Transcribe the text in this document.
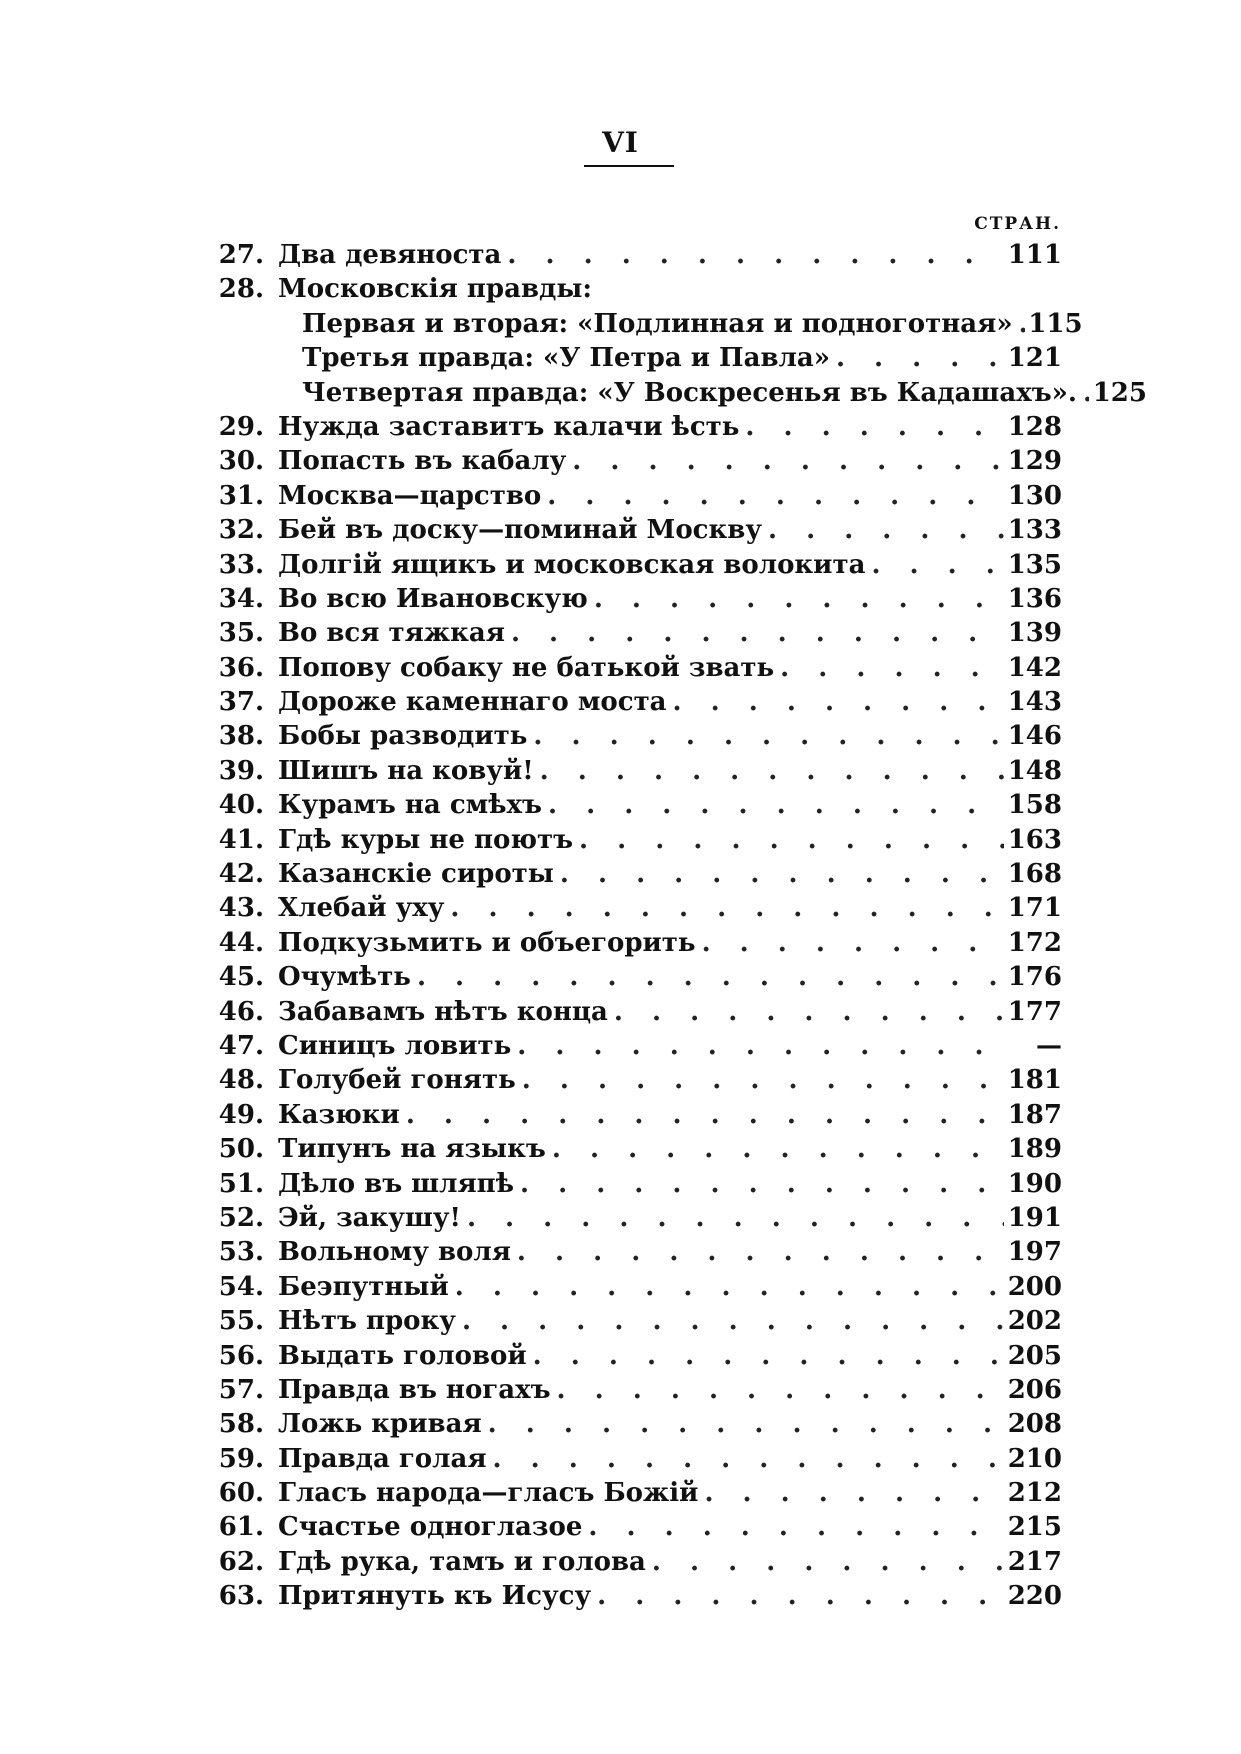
VI
СТРАН.
27. Два девяноста . . .	111
28. Московскія правды:
Первая и вторая: «Подлинная и подноготная» . . . 115
Третья правда: «У Петра и Павла» . . .	121
Четвертая правда: «У Воскресенья въ Кадашахъ». . . . 125
29. Нужда заставитъ калачи ѣсть . . .	128
30. Попасть въ кабалу . . .	129
31. Москва—царство . . .	130
32. Бей въ доску—поминай Москву . . .	133
33. Долгій ящикъ и московская волокита . . .	135
34. Во всю Ивановскую . . .	136
35. Во вся тяжкая . . .	139
36. Попову собаку не батькой звать . . .	142
37. Дороже каменнаго моста . . .	143
38. Бобы разводить . . .	146
39. Шишъ на ковуй! . . .	148
40. Курамъ на смѣхъ . . .	158
41. Гдѣ куры не поютъ . . .	163
42. Казанскіе сироты . . .	168
43. Хлебай уху . . .	171
44. Подкузьмить и объегорить . . .	172
45. Очумѣть . . .	176
46. Забавамъ нѣтъ конца . . .	177
47. Синицъ ловить . . .	—
48. Голубей гонять . . .	181
49. Казюки . . .	187
50. Типунъ на языкъ . . .	189
51. Дѣло въ шляпѣ . . .	190
52. Эй, закушу! . . .	191
53. Вольному воля . . .	197
54. Беэпутный . . .	200
55. Нѣтъ проку . . .	202
56. Выдать головой . . .	205
57. Правда въ ногахъ . . .	206
58. Ложь кривая . . .	208
59. Правда голая . . .	210
60. Гласъ народа—гласъ Божій . . .	212
61. Счастье одноглазое . . .	215
62. Гдѣ рука, тамъ и голова . . .	217
63. Притянуть къ Исусу . . .	220
